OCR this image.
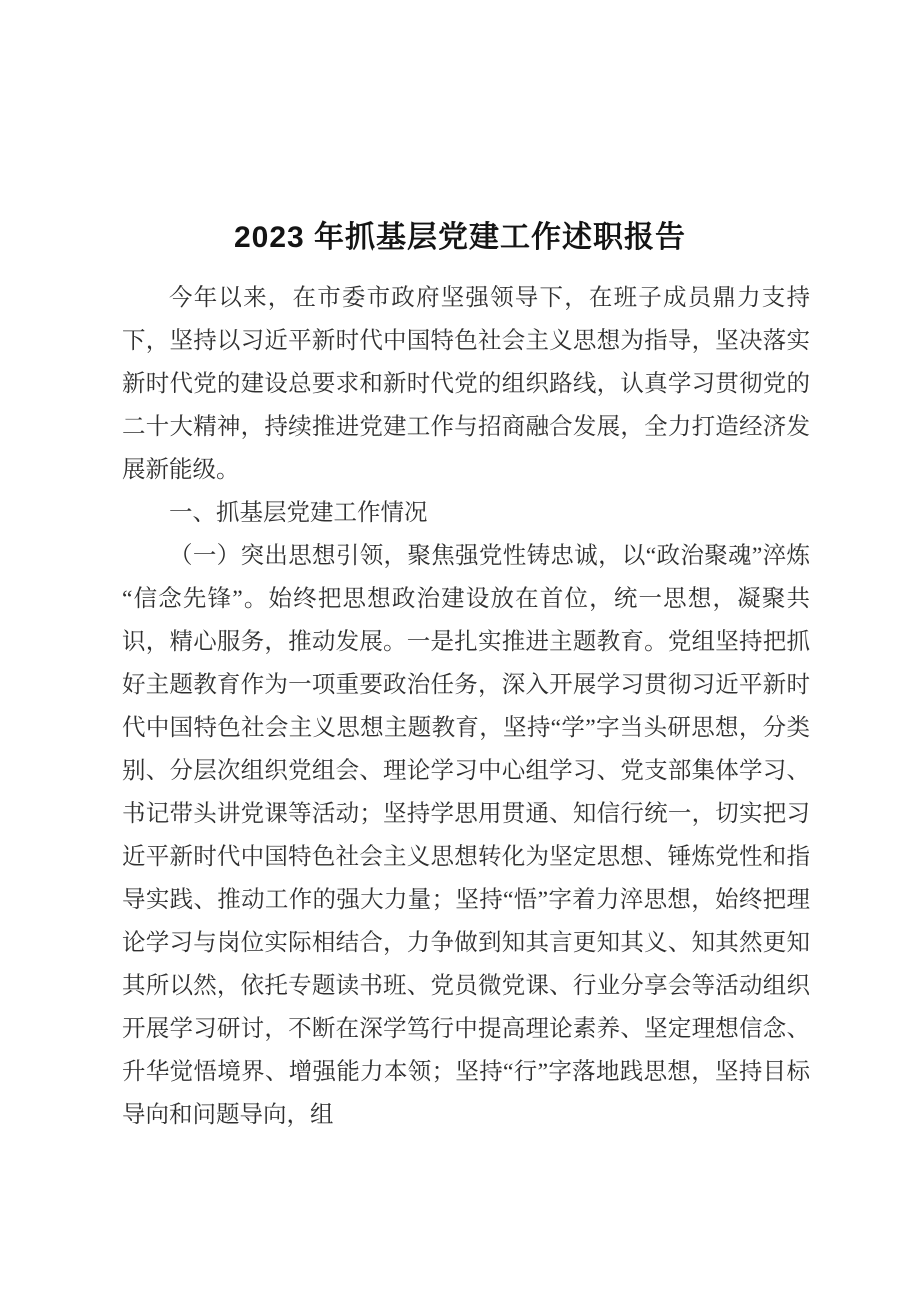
2023 年抓基层党建工作述职报告

今年以来，在市委市政府坚强领导下，在班子成员鼎力支持下，坚持以习近平新时代中国特色社会主义思想为指导，坚决落实新时代党的建设总要求和新时代党的组织路线，认真学习贯彻党的二十大精神，持续推进党建工作与招商融合发展，全力打造经济发展新能级。

一、抓基层党建工作情况

（一）突出思想引领，聚焦强党性铸忠诚，以“政治聚魂”淬炼“信念先锋”。始终把思想政治建设放在首位，统一思想，凝聚共识，精心服务，推动发展。一是扎实推进主题教育。党组坚持把抓好主题教育作为一项重要政治任务，深入开展学习贯彻习近平新时代中国特色社会主义思想主题教育，坚持“学”字当头研思想，分类别、分层次组织党组会、理论学习中心组学习、党支部集体学习、书记带头讲党课等活动；坚持学思用贯通、知信行统一，切实把习近平新时代中国特色社会主义思想转化为坚定思想、锤炼党性和指导实践、推动工作的强大力量；坚持“悟”字着力淬思想，始终把理论学习与岗位实际相结合，力争做到知其言更知其义、知其然更知其所以然，依托专题读书班、党员微党课、行业分享会等活动组织开展学习研讨，不断在深学笃行中提高理论素养、坚定理想信念、升华觉悟境界、增强能力本领；坚持“行”字落地践思想，坚持目标导向和问题导向，组
